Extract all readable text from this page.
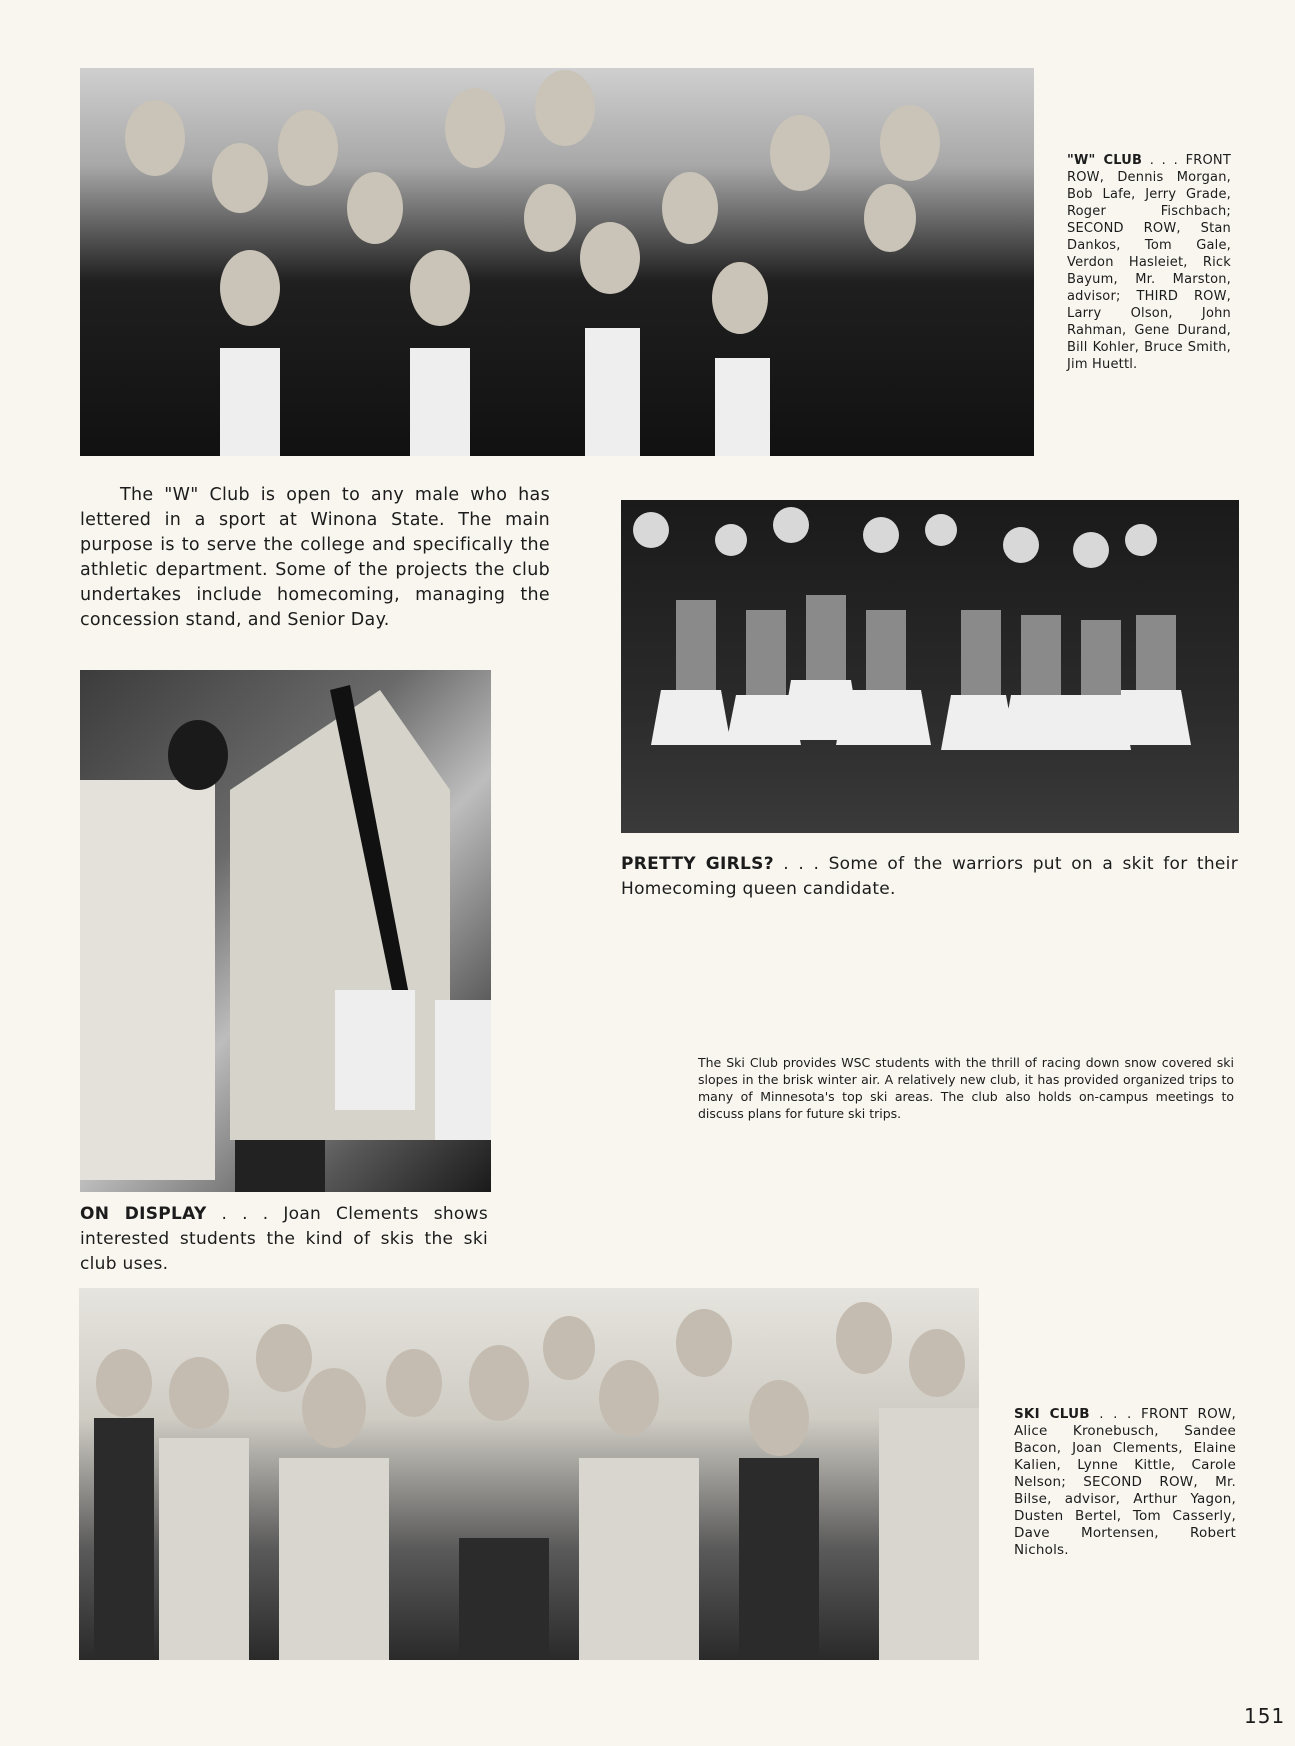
"W" CLUB . . . FRONT ROW, Dennis Morgan, Bob Lafe, Jerry Grade, Roger Fischbach; SECOND ROW, Stan Dankos, Tom Gale, Verdon Hasleiet, Rick Bayum, Mr. Marston, advisor; THIRD ROW, Larry Olson, John Rahman, Gene Durand, Bill Kohler, Bruce Smith, Jim Huettl.
The "W" Club is open to any male who has lettered in a sport at Winona State. The main purpose is to serve the college and specifically the athletic department. Some of the projects the club undertakes include homecoming, managing the concession stand, and Senior Day.
PRETTY GIRLS? . . . Some of the warriors put on a skit for their Homecoming queen candidate.
ON DISPLAY . . . Joan Clements shows interested students the kind of skis the ski club uses.
The Ski Club provides WSC students with the thrill of racing down snow covered ski slopes in the brisk winter air. A relatively new club, it has provided organized trips to many of Minnesota's top ski areas. The club also holds on-campus meetings to discuss plans for future ski trips.
SKI CLUB . . . FRONT ROW, Alice Kronebusch, Sandee Bacon, Joan Clements, Elaine Kalien, Lynne Kittle, Carole Nelson; SECOND ROW, Mr. Bilse, advisor, Arthur Yagon, Dusten Bertel, Tom Casserly, Dave Mortensen, Robert Nichols.
151
